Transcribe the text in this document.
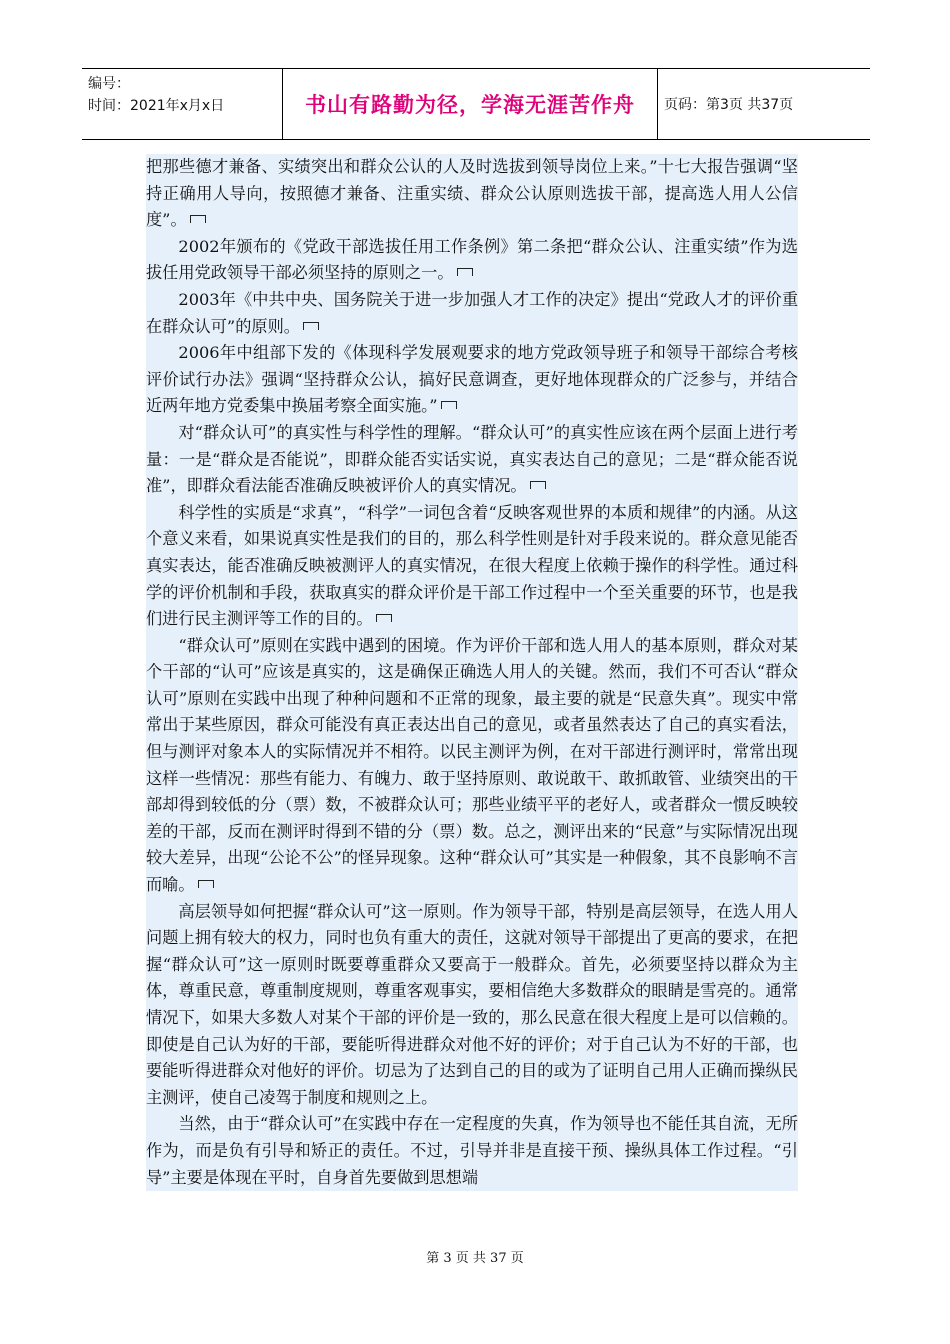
编号：
时间：2021年x月x日	书山有路勤为径，学海无涯苦作舟 页码：第3页 共37页

把那些德才兼备、实绩突出和群众公认的人及时选拔到领导岗位上来。”十七大报告强调“坚持正确用人导向，按照德才兼备、注重实绩、群众公认原则选拔干部，提高选人用人公信度”。

2002年颁布的《党政干部选拔任用工作条例》第二条把“群众公认、注重实绩”作为选拔任用党政领导干部必须坚持的原则之一。

2003年《中共中央、国务院关于进一步加强人才工作的决定》提出“党政人才的评价重在群众认可”的原则。

2006年中组部下发的《体现科学发展观要求的地方党政领导班子和领导干部综合考核评价试行办法》强调“坚持群众公认，搞好民意调查，更好地体现群众的广泛参与，并结合近两年地方党委集中换届考察全面实施。”

对“群众认可”的真实性与科学性的理解。“群众认可”的真实性应该在两个层面上进行考量：一是“群众是否能说”，即群众能否实话实说，真实表达自己的意见；二是“群众能否说准”，即群众看法能否准确反映被评价人的真实情况。

科学性的实质是“求真”，“科学”一词包含着“反映客观世界的本质和规律”的内涵。从这个意义来看，如果说真实性是我们的目的，那么科学性则是针对手段来说的。群众意见能否真实表达，能否准确反映被测评人的真实情况，在很大程度上依赖于操作的科学性。通过科学的评价机制和手段，获取真实的群众评价是干部工作过程中一个至关重要的环节，也是我们进行民主测评等工作的目的。

“群众认可”原则在实践中遇到的困境。作为评价干部和选人用人的基本原则，群众对某个干部的“认可”应该是真实的，这是确保正确选人用人的关键。然而，我们不可否认“群众认可”原则在实践中出现了种种问题和不正常的现象，最主要的就是“民意失真”。现实中常常出于某些原因，群众可能没有真正表达出自己的意见，或者虽然表达了自己的真实看法，但与测评对象本人的实际情况并不相符。以民主测评为例，在对干部进行测评时，常常出现这样一些情况：那些有能力、有魄力、敢于坚持原则、敢说敢干、敢抓敢管、业绩突出的干部却得到较低的分（票）数，不被群众认可；那些业绩平平的老好人，或者群众一惯反映较差的干部，反而在测评时得到不错的分（票）数。总之，测评出来的“民意”与实际情况出现较大差异，出现“公论不公”的怪异现象。这种“群众认可”其实是一种假象，其不良影响不言而喻。

高层领导如何把握“群众认可”这一原则。作为领导干部，特别是高层领导，在选人用人问题上拥有较大的权力，同时也负有重大的责任，这就对领导干部提出了更高的要求，在把握“群众认可”这一原则时既要尊重群众又要高于一般群众。首先，必须要坚持以群众为主体，尊重民意，尊重制度规则，尊重客观事实，要相信绝大多数群众的眼睛是雪亮的。通常情况下，如果大多数人对某个干部的评价是一致的，那么民意在很大程度上是可以信赖的。即使是自己认为好的干部，要能听得进群众对他不好的评价；对于自己认为不好的干部，也要能听得进群众对他好的评价。切忌为了达到自己的目的或为了证明自己用人正确而操纵民主测评，使自己凌驾于制度和规则之上。

当然，由于“群众认可”在实践中存在一定程度的失真，作为领导也不能任其自流，无所作为，而是负有引导和矫正的责任。不过，引导并非是直接干预、操纵具体工作过程。“引导”主要是体现在平时，自身首先要做到思想端

第 3 页 共 37 页
